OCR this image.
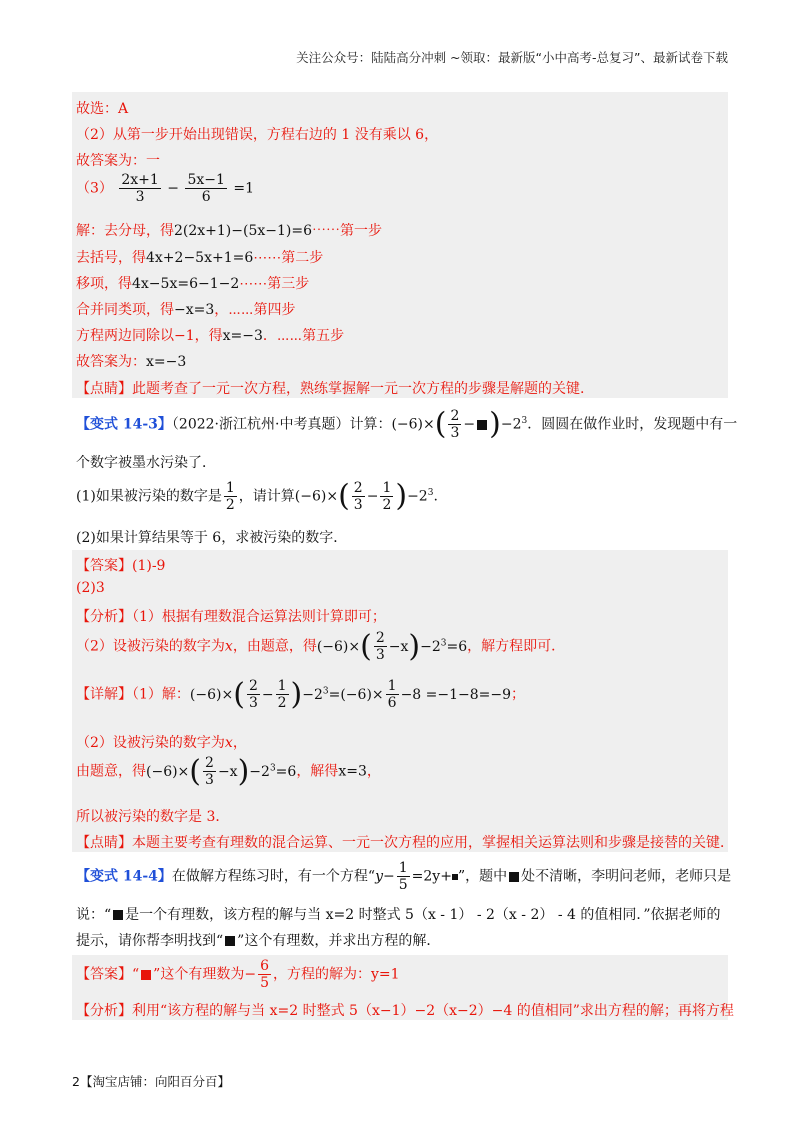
关注公众号：陆陆高分冲刺 ~领取：最新版“小中高考-总复习”、最新试卷下载
故选：A
（2）从第一步开始出现错误，方程右边的 1 没有乘以 6，
故答案为：一
$(3) \frac{2x+1}{3} - \frac{5x-1}{6} =1$
解：去分母，得2(2x+1)−(5x−1)=6⋯⋯第一步
去括号，得4x+2−5x+1=6⋯⋯第二步
移项，得4x−5x=6−1−2⋯⋯第三步
合并同类项，得−x=3，⋯⋯第四步
方程两边同除以−1，得x=−3．⋯⋯第五步
故答案为：x=−3
【点睛】此题考查了一元一次方程，熟练掌握解一元一次方程的步骤是解题的关键.
【变式 14-3】（2022·浙江杭州·中考真题）计算：$(-6)\times( \frac{2}{3} - )-2^3$．圆圆在做作业时，发现题中有一
个数字被墨水污染了．
(1)如果被污染的数字是 $\frac{1}{2}$ ，请计算$(-6)\times( \frac{2}{3} - \frac{1}{2} )-2^3$.
(2)如果计算结果等于 6，求被污染的数字．
【答案】(1)-9
(2)3
【分析】（1）根据有理数混合运算法则计算即可；
（2）设被污染的数字为x，由题意，得$(-6)\times( \frac{2}{3} -x)-2^3=6$，解方程即可．
【详解】（1）解：$(-6)\times( \frac{2}{3} - \frac{1}{2} )-2^3=(-6)\times \frac{1}{6} -8 =-1-8=-9$；
（2）设被污染的数字为x，
由题意，得$(-6)\times( \frac{2}{3} -x)-2^3=6$，解得x=3，
所以被污染的数字是 3．
【点睛】本题主要考查有理数的混合运算、一元一次方程的应用，掌握相关运算法则和步骤是接替的关键．
【变式 14-4】在做解方程练习时，有一个方程“$y- \frac{1}{5} =2y+$ ”，题中 处不清晰，李明问老师，老师只是
说：“ 是一个有理数，该方程的解与当 x=2 时整式 5（x - 1） - 2（x - 2） - 4 的值相同．”依据老师的
提示，请你帮李明找到“ ”这个有理数，并求出方程的解．
【答案】“ ”这个有理数为− $\frac{6}{5}$ ，方程的解为：y=1
【分析】利用“该方程的解与当 x=2 时整式 5（x−1）−2（x−2）−4 的值相同”求出方程的解；再将方程
2【淘宝店铺：向阳百分百】
